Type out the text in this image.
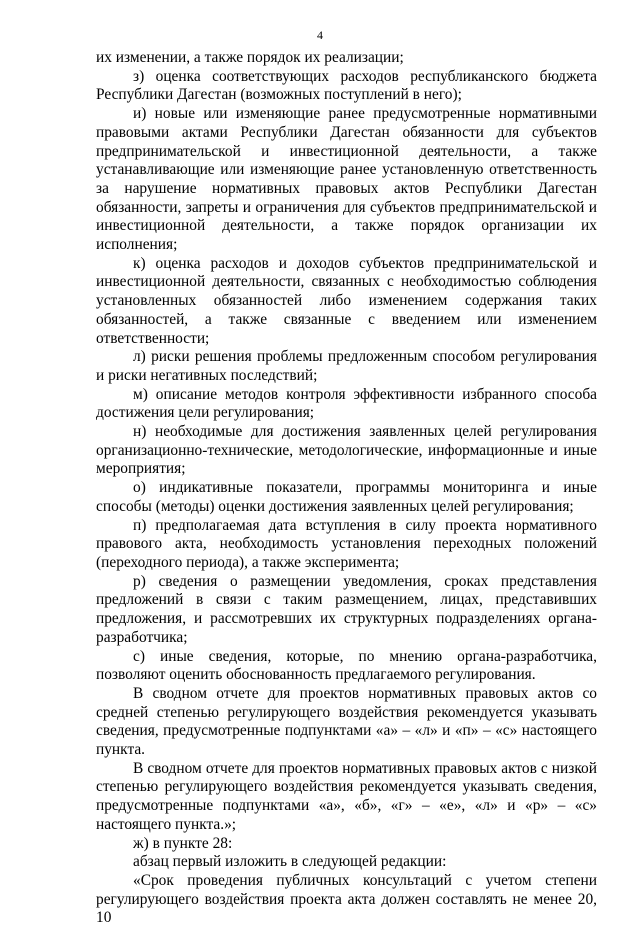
4

их изменении, а также порядок их реализации;

з) оценка соответствующих расходов республиканского бюджета Республики Дагестан (возможных поступлений в него);

и) новые или изменяющие ранее предусмотренные нормативными правовыми актами Республики Дагестан обязанности для субъектов предпринимательской и инвестиционной деятельности, а также устанавливающие или изменяющие ранее установленную ответственность за нарушение нормативных правовых актов Республики Дагестан обязанности, запреты и ограничения для субъектов предпринимательской и инвестиционной деятельности, а также порядок организации их исполнения;

к) оценка расходов и доходов субъектов предпринимательской и инвестиционной деятельности, связанных с необходимостью соблюдения установленных обязанностей либо изменением содержания таких обязанностей, а также связанные с введением или изменением ответственности;

л) риски решения проблемы предложенным способом регулирования и риски негативных последствий;

м) описание методов контроля эффективности избранного способа достижения цели регулирования;

н) необходимые для достижения заявленных целей регулирования организационно-технические, методологические, информационные и иные мероприятия;

о) индикативные показатели, программы мониторинга и иные способы (методы) оценки достижения заявленных целей регулирования;

п) предполагаемая дата вступления в силу проекта нормативного правового акта, необходимость установления переходных положений (переходного периода), а также эксперимента;

р) сведения о размещении уведомления, сроках представления предложений в связи с таким размещением, лицах, представивших предложения, и рассмотревших их структурных подразделениях органа-разработчика;

с) иные сведения, которые, по мнению органа-разработчика, позволяют оценить обоснованность предлагаемого регулирования.

В сводном отчете для проектов нормативных правовых актов со средней степенью регулирующего воздействия рекомендуется указывать сведения, предусмотренные подпунктами «а» – «л» и «п» – «с» настоящего пункта.

В сводном отчете для проектов нормативных правовых актов с низкой степенью регулирующего воздействия рекомендуется указывать сведения, предусмотренные подпунктами «а», «б», «г» – «е», «л» и «р» – «с» настоящего пункта.»;

ж) в пункте 28:

абзац первый изложить в следующей редакции:

«Срок проведения публичных консультаций с учетом степени регулирующего воздействия проекта акта должен составлять не менее 20, 10
